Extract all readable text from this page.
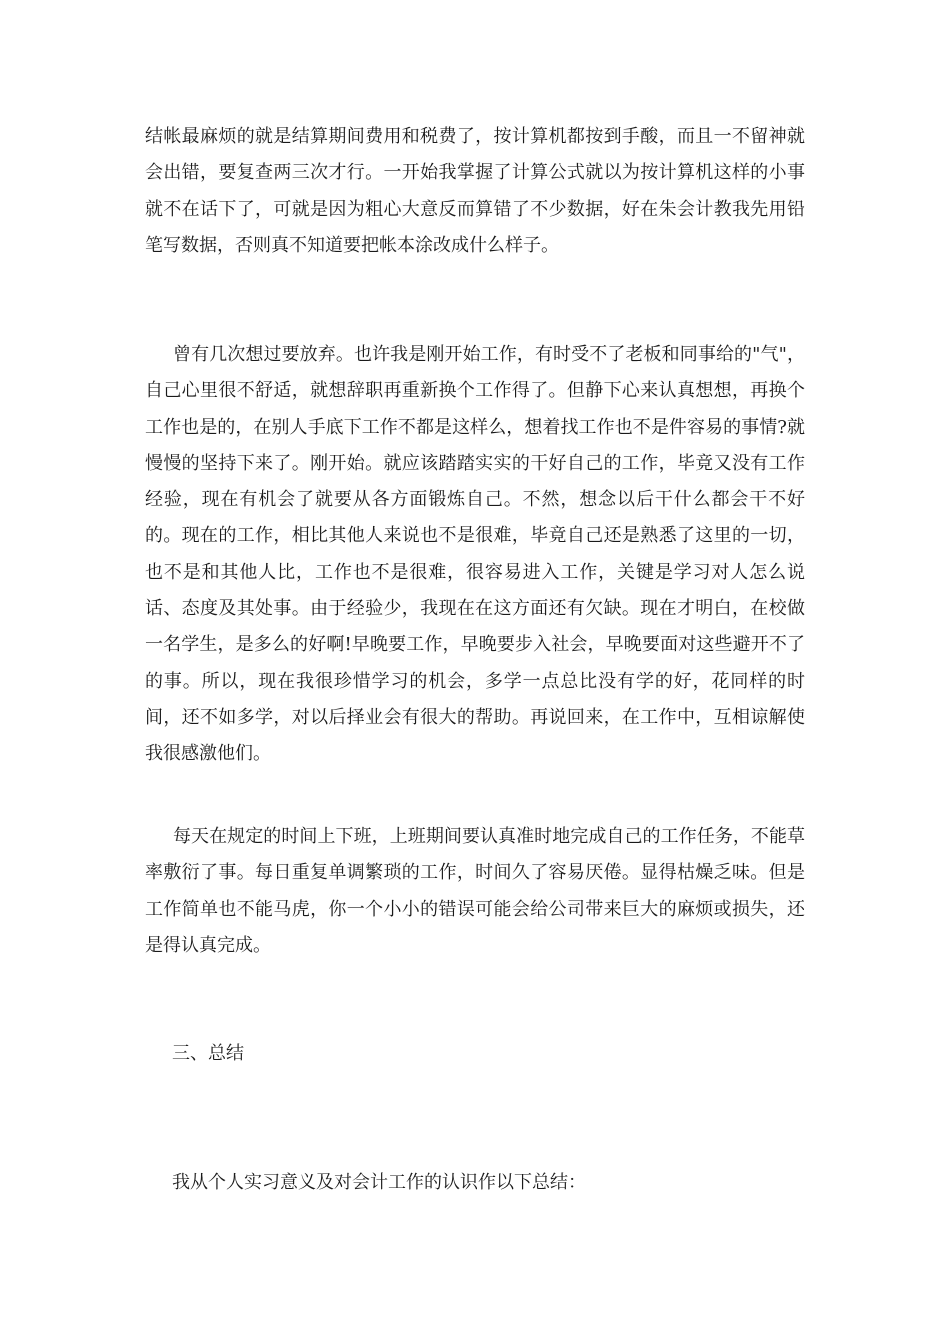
结帐最麻烦的就是结算期间费用和税费了，按计算机都按到手酸，而且一不留神就会出错，要复查两三次才行。一开始我掌握了计算公式就以为按计算机这样的小事就不在话下了，可就是因为粗心大意反而算错了不少数据，好在朱会计教我先用铅笔写数据，否则真不知道要把帐本涂改成什么样子。

曾有几次想过要放弃。也许我是刚开始工作，有时受不了老板和同事给的"气"，自己心里很不舒适，就想辞职再重新换个工作得了。但静下心来认真想想，再换个工作也是的，在别人手底下工作不都是这样么，想着找工作也不是件容易的事情?就慢慢的坚持下来了。刚开始。就应该踏踏实实的干好自己的工作，毕竟又没有工作经验，现在有机会了就要从各方面锻炼自己。不然，想念以后干什么都会干不好的。现在的工作，相比其他人来说也不是很难，毕竟自己还是熟悉了这里的一切，也不是和其他人比，工作也不是很难，很容易进入工作，关键是学习对人怎么说话、态度及其处事。由于经验少，我现在在这方面还有欠缺。现在才明白，在校做一名学生，是多么的好啊!早晚要工作，早晚要步入社会，早晚要面对这些避开不了的事。所以，现在我很珍惜学习的机会，多学一点总比没有学的好，花同样的时间，还不如多学，对以后择业会有很大的帮助。再说回来，在工作中，互相谅解使我很感激他们。

每天在规定的时间上下班，上班期间要认真准时地完成自己的工作任务，不能草率敷衍了事。每日重复单调繁琐的工作，时间久了容易厌倦。显得枯燥乏味。但是工作简单也不能马虎，你一个小小的错误可能会给公司带来巨大的麻烦或损失，还是得认真完成。

三、总结

我从个人实习意义及对会计工作的认识作以下总结：
